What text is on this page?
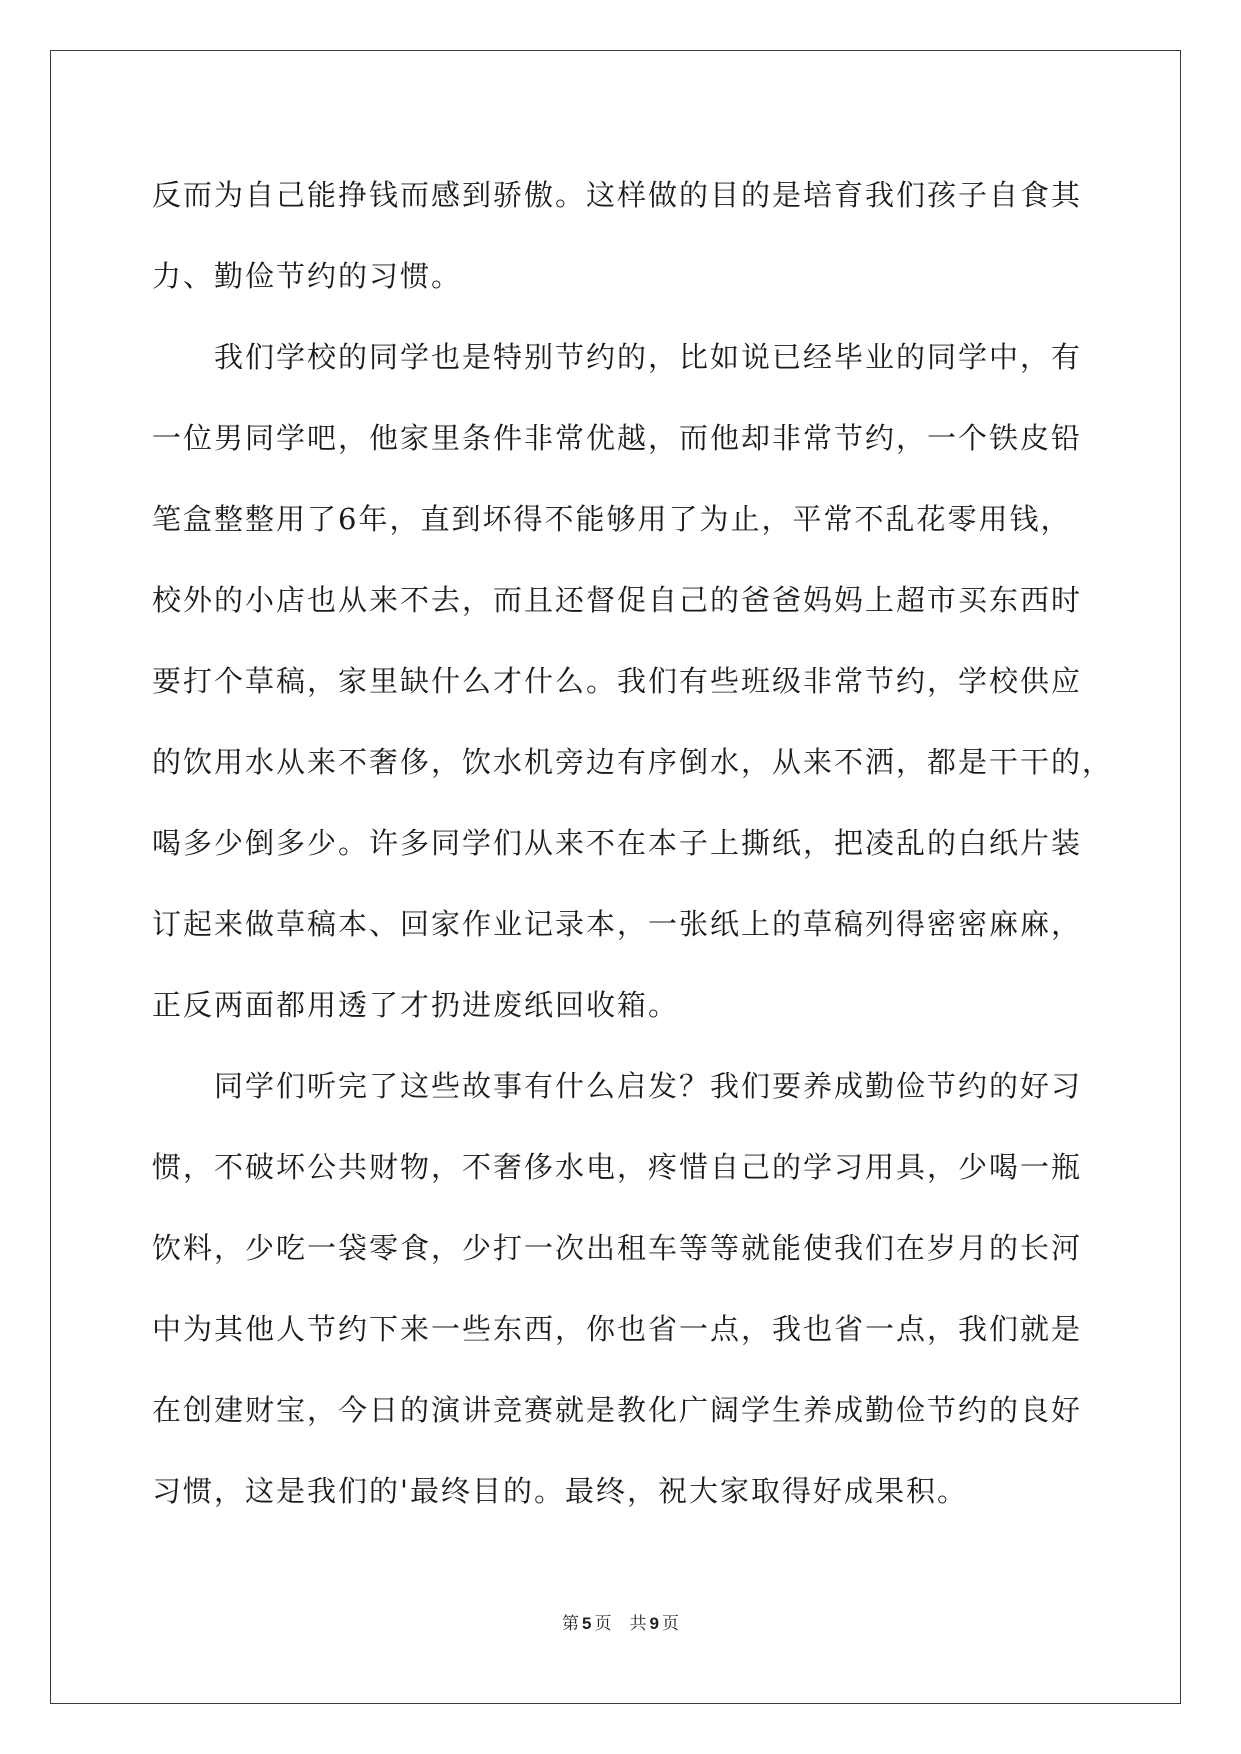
反而为自己能挣钱而感到骄傲。这样做的目的是培育我们孩子自食其
力、勤俭节约的习惯。
我们学校的同学也是特别节约的，比如说已经毕业的同学中，有
一位男同学吧，他家里条件非常优越，而他却非常节约，一个铁皮铅
笔盒整整用了6年，直到坏得不能够用了为止，平常不乱花零用钱，
校外的小店也从来不去，而且还督促自己的爸爸妈妈上超市买东西时
要打个草稿，家里缺什么才什么。我们有些班级非常节约，学校供应
的饮用水从来不奢侈，饮水机旁边有序倒水，从来不洒，都是干干的，
喝多少倒多少。许多同学们从来不在本子上撕纸，把凌乱的白纸片装
订起来做草稿本、回家作业记录本，一张纸上的草稿列得密密麻麻，
正反两面都用透了才扔进废纸回收箱。
同学们听完了这些故事有什么启发？我们要养成勤俭节约的好习
惯，不破坏公共财物，不奢侈水电，疼惜自己的学习用具，少喝一瓶
饮料，少吃一袋零食，少打一次出租车等等就能使我们在岁月的长河
中为其他人节约下来一些东西，你也省一点，我也省一点，我们就是
在创建财宝，今日的演讲竞赛就是教化广阔学生养成勤俭节约的良好
习惯，这是我们的'最终目的。最终，祝大家取得好成果积。
第 5 页 共 9 页
